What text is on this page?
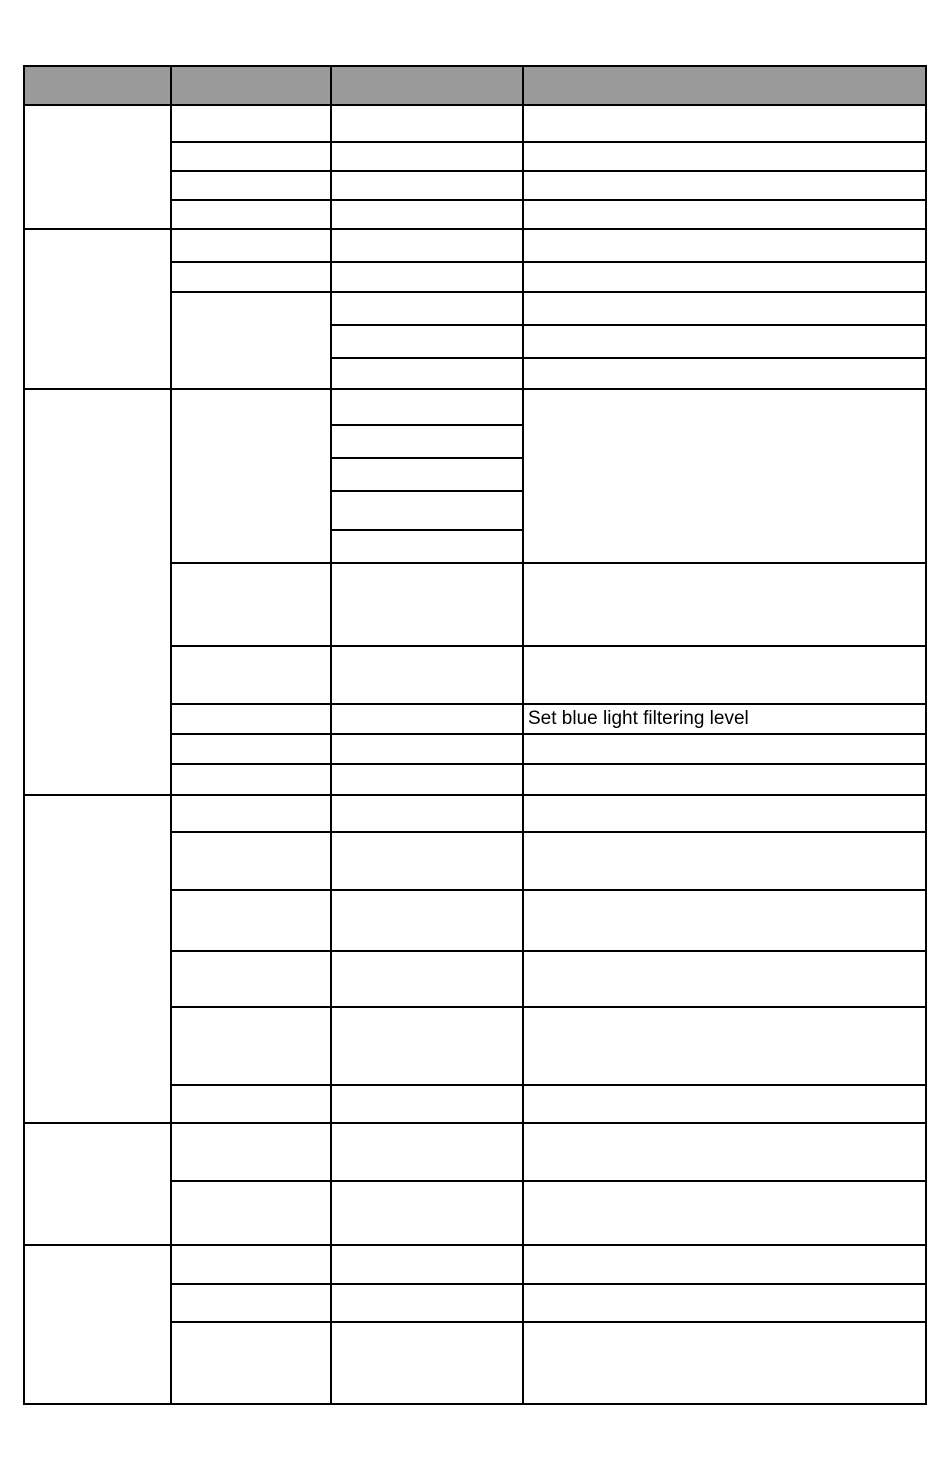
Set blue light filtering level
